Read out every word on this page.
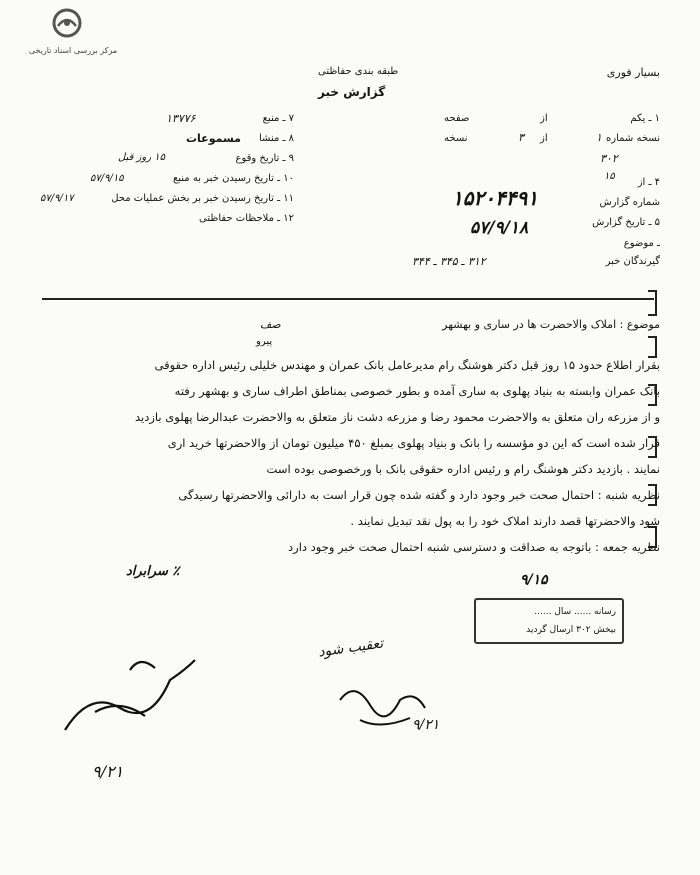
مرکز بررسی اسناد تاریخی
بسیار فوری
طبقه بندی حفاظتی
گزارش خبر
۷ ـ منبع
۱۳۷۷۶
۸ ـ منشا
مسموعات
۹ ـ تاریخ وقوع
۱۵ روز قبل
۱۰ ـ تاریخ رسیدن خبر به منبع
۵۷/۹/۱۵
۱۱ ـ تاریخ رسیدن خبر بر بخش عملیات محل
۵۷/۹/۱۷
۱۲ ـ ملاحظات حفاظتی
۱ ـ یکم
از
صفحه
نسخه شماره
۱
از
۳
نسخه
۳۰۲
۱۵
۴ ـ از
شماره گزارش
۱۵۲۰۴۴۹۱
۵ ـ تاریخ گزارش
۵۷/۹/۱۸
ـ موضوع
گیرندگان خبر
۳۱۲ ـ ۳۴۵ ـ ۳۴۴
موضوع : املاک والاحضرت ها در ساری و بهشهر
صف
پیرو
بقرار اطلاع حدود ۱۵ روز قبل دکتر هوشنگ رام مدیرعامل بانک عمران و مهندس خلیلی رئیس اداره حقوقی
بانک عمران وابسته به بنیاد پهلوی به ساری آمده و بطور خصوصی بمناطق اطراف ساری و بهشهر رفته
و از مزرعه ران متعلق به والاحضرت محمود رضا و مزرعه دشت ناز متعلق به والاحضرت عبدالرضا پهلوی بازدید
قرار شده است که این دو مؤسسه را بانک و بنیاد پهلوی بمبلغ ۴۵۰ میلیون تومان از والاحضرتها خرید اری
نمایند . بازدید دکتر هوشنگ رام و رئیس اداره حقوقی بانک با ورخصوصی بوده است
نظریه شنبه : احتمال صحت خبر وجود دارد و گفته شده چون قرار است به دارائی والاحضرتها رسیدگی
شود والاحضرتها قصد دارند املاک خود را به پول نقد تبدیل نمایند .
نظریه جمعه : باتوجه به صداقت و دسترسی شنبه احتمال صحت خبر وجود دارد
٪ سرابراد
۹/۱۵
رسانه ...... سال ......
بیخش ۳۰۲ ارسال گردید
تعقیب شود
۹/۲۱
۹/۲۱
